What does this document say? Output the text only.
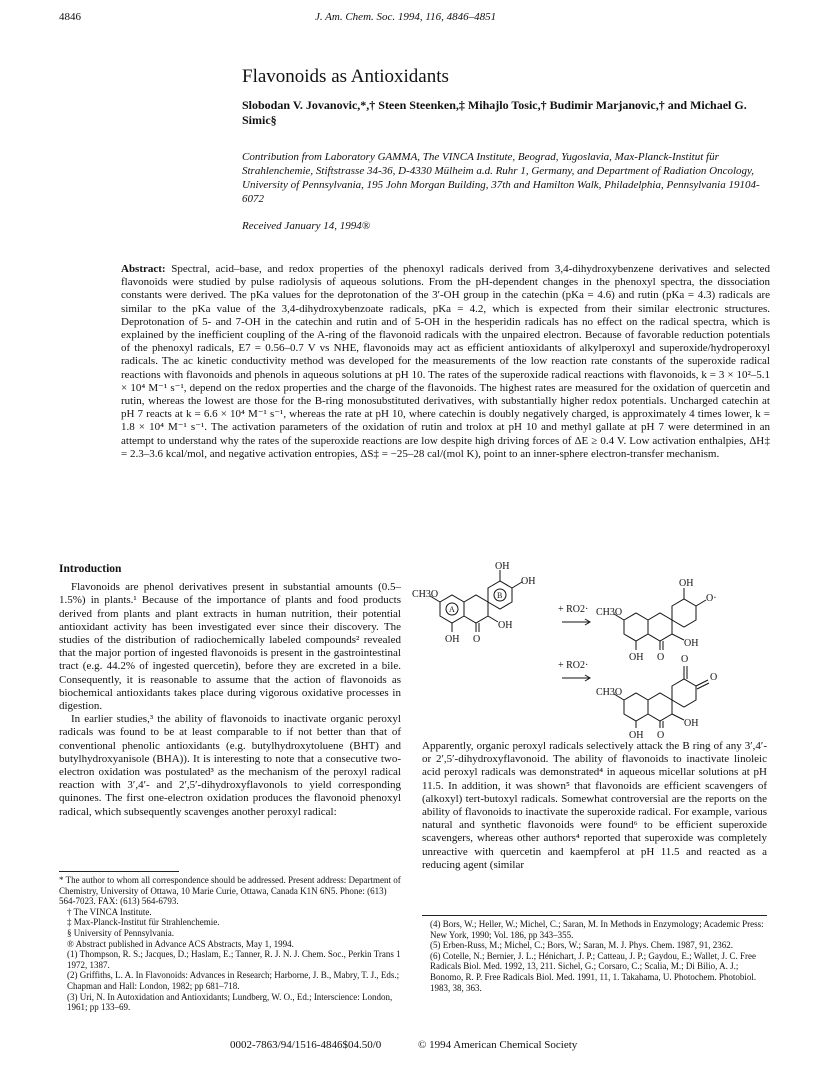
4846	J. Am. Chem. Soc. 1994, 116, 4846–4851
Flavonoids as Antioxidants
Slobodan V. Jovanovic,*,† Steen Steenken,‡ Mihajlo Tosic,† Budimir Marjanovic,† and Michael G. Simic§
Contribution from Laboratory GAMMA, The VINCA Institute, Beograd, Yugoslavia, Max-Planck-Institut für Strahlenchemie, Stiftstrasse 34-36, D-4330 Mülheim a.d. Ruhr 1, Germany, and Department of Radiation Oncology, University of Pennsylvania, 195 John Morgan Building, 37th and Hamilton Walk, Philadelphia, Pennsylvania 19104-6072
Received January 14, 1994®
Abstract: Spectral, acid–base, and redox properties of the phenoxyl radicals derived from 3,4-dihydroxybenzene derivatives and selected flavonoids were studied by pulse radiolysis of aqueous solutions. From the pH-dependent changes in the phenoxyl spectra, the dissociation constants were derived. The pKa values for the deprotonation of the 3′-OH group in the catechin (pKa = 4.6) and rutin (pKa = 4.3) radicals are similar to the pKa value of the 3,4-dihydroxybenzoate radicals, pKa = 4.2, which is expected from their similar electronic structures. Deprotonation of 5- and 7-OH in the catechin and rutin and of 5-OH in the hesperidin radicals has no effect on the radical spectra, which is explained by the inefficient coupling of the A-ring of the flavonoid radicals with the unpaired electron. Because of favorable reduction potentials of the phenoxyl radicals, E7 = 0.56–0.7 V vs NHE, flavonoids may act as efficient antioxidants of alkylperoxyl and superoxide/hydroperoxyl radicals. The ac kinetic conductivity method was developed for the measurements of the low reaction rate constants of the superoxide radical reactions with flavonoids and phenols in aqueous solutions at pH 10. The rates of the superoxide radical reactions with flavonoids, k = 3 × 10²–5.1 × 10⁴ M⁻¹ s⁻¹, depend on the redox properties and the charge of the flavonoids. The highest rates are measured for the oxidation of quercetin and rutin, whereas the lowest are those for the B-ring monosubstituted derivatives, with substantially higher redox potentials. Uncharged catechin at pH 7 reacts at k = 6.6 × 10⁴ M⁻¹ s⁻¹, whereas the rate at pH 10, where catechin is doubly negatively charged, is approximately 4 times lower, k = 1.8 × 10⁴ M⁻¹ s⁻¹. The activation parameters of the oxidation of rutin and trolox at pH 10 and methyl gallate at pH 7 were determined in an attempt to understand why the rates of the superoxide reactions are low despite high driving forces of ΔE ≥ 0.4 V. Low activation enthalpies, ΔH‡ = 2.3–3.6 kcal/mol, and negative activation entropies, ΔS‡ = −25–28 cal/(mol K), point to an inner-sphere electron-transfer mechanism.
Introduction

Flavonoids are phenol derivatives present in substantial amounts (0.5–1.5%) in plants.¹ Because of the importance of plants and food products derived from plants and plant extracts in human nutrition, their potential antioxidant activity has been investigated ever since their discovery. The studies of the distribution of radiochemically labeled compounds² revealed that the major portion of ingested flavonoids is present in the gastrointestinal tract (e.g. 44.2% of ingested quercetin), before they are excreted in a bile. Consequently, it is reasonable to assume that the action of flavonoids as biochemical antioxidants takes place during vigorous oxidative processes in digestion.

In earlier studies,³ the ability of flavonoids to inactivate organic peroxyl radicals was found to be at least comparable to if not better than that of conventional phenolic antioxidants (e.g. butylhydroxytoluene (BHT) and butylhydroxyanisole (BHA)). It is interesting to note that a consecutive two-electron oxidation was postulated³ as the mechanism of the peroxyl radical reaction with 3′,4′- and 2′,5′-dihydroxyflavonols to yield corresponding quinones. The first one-electron oxidation produces the flavonoid phenoxyl radical, which subsequently scavenges another peroxyl radical:

* The author to whom all correspondence should be addressed. Present address: Department of Chemistry, University of Ottawa, 10 Marie Curie, Ottawa, Canada K1N 6N5. Phone: (613) 564-7023. FAX: (613) 564-6793.
† The VINCA Institute.
‡ Max-Planck-Institut für Strahlenchemie.
§ University of Pennsylvania.
® Abstract published in Advance ACS Abstracts, May 1, 1994.
(1) Thompson, R. S.; Jacques, D.; Haslam, E.; Tanner, R. J. N. J. Chem. Soc., Perkin Trans 1 1972, 1387.
(2) Griffiths, L. A. In Flavonoids: Advances in Research; Harborne, J. B., Mabry, T. J., Eds.; Chapman and Hall: London, 1982; pp 681–718.
(3) Uri, N. In Autoxidation and Antioxidants; Lundberg, W. O., Ed.; Interscience: London, 1961; pp 133–69.
OH
OH
CH3O
A
B
OH O
OH
+ RO2·
OH
O·
CH3O
OH O
OH
+ RO2·
O
O
CH3O
OH O
OH

Apparently, organic peroxyl radicals selectively attack the B ring of any 3′,4′- or 2′,5′-dihydroxyflavonoid. The ability of flavonoids to inactivate linoleic acid peroxyl radicals was demonstrated⁴ in aqueous micellar solutions at pH 11.5. In addition, it was shown⁵ that flavonoids are efficient scavengers of (alkoxyl) tert-butoxyl radicals. Somewhat controversial are the reports on the ability of flavonoids to inactivate the superoxide radical. For example, various natural and synthetic flavonoids were found⁶ to be efficient superoxide scavengers, whereas other authors⁴ reported that superoxide was completely unreactive with quercetin and kaempferol at pH 11.5 and reacted as a reducing agent (similar

(4) Bors, W.; Heller, W.; Michel, C.; Saran, M. In Methods in Enzymology; Academic Press: New York, 1990; Vol. 186, pp 343–355.
(5) Erben-Russ, M.; Michel, C.; Bors, W.; Saran, M. J. Phys. Chem. 1987, 91, 2362.
(6) Cotelle, N.; Bernier, J. L.; Hénichart, J. P.; Catteau, J. P.; Gaydou, E.; Wallet, J. C. Free Radicals Biol. Med. 1992, 13, 211. Sichel, G.; Corsaro, C.; Scalia, M.; Di Bilio, A. J.; Bonomo, R. P. Free Radicals Biol. Med. 1991, 11, 1. Takahama, U. Photochem. Photobiol. 1983, 38, 363.
0002-7863/94/1516-4846$04.50/0	© 1994 American Chemical Society
